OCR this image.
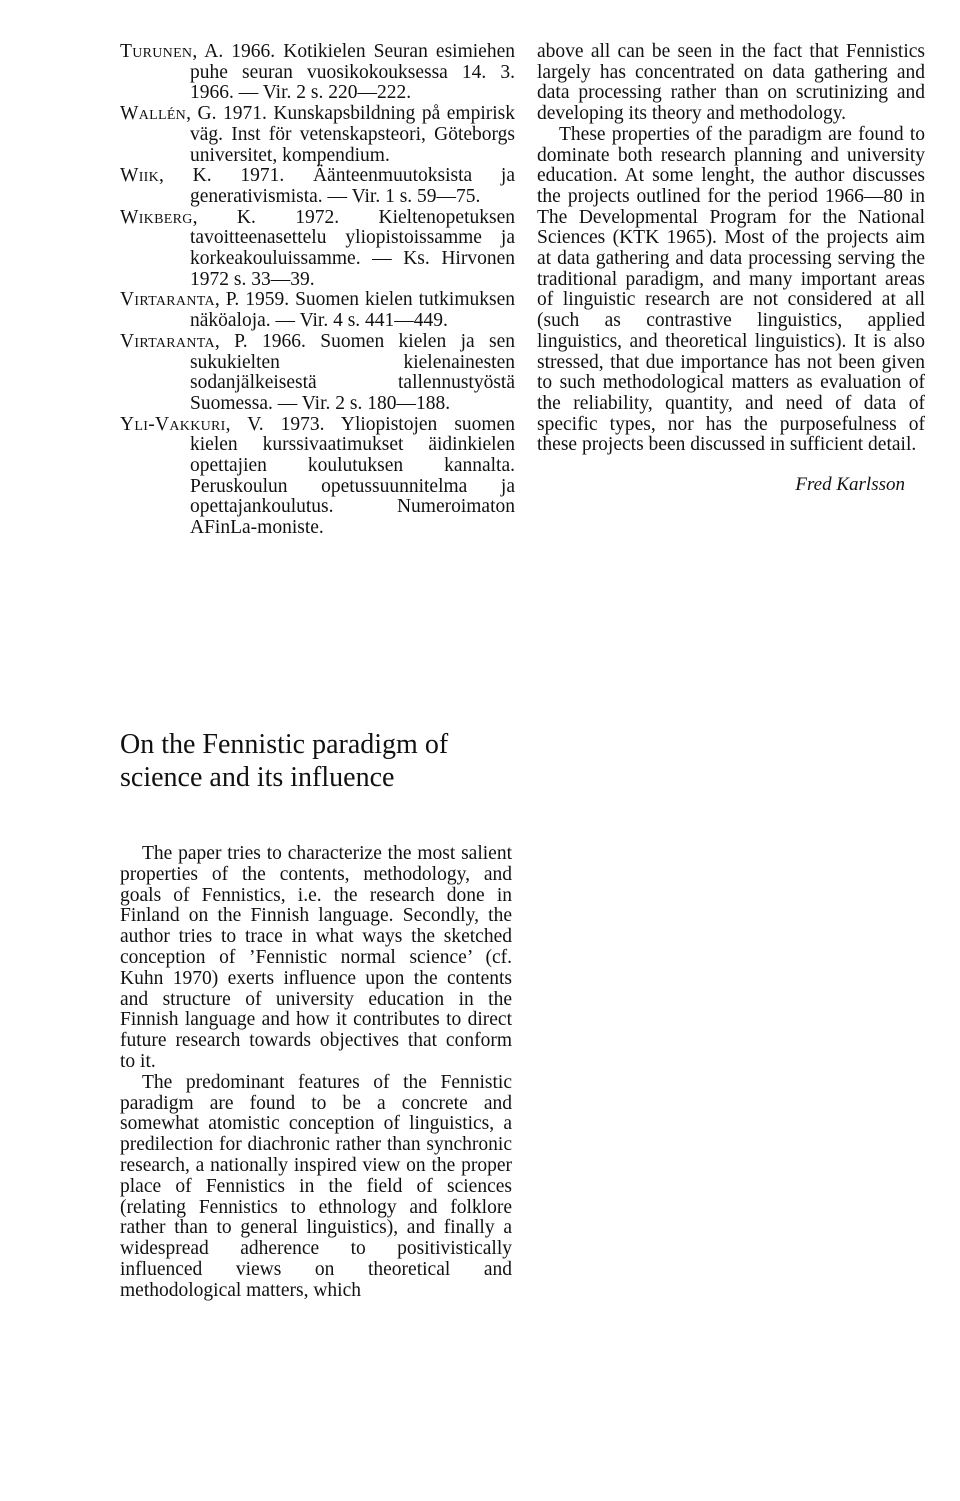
Turunen, A. 1966. Kotikielen Seuran esimiehen puhe seuran vuosikokouksessa 14. 3. 1966. — Vir. 2 s. 220—222.

Wallén, G. 1971. Kunskapsbildning på empirisk väg. Inst för vetenskapsteori, Göteborgs universitet, kompendium.

Wiik, K. 1971. Äänteenmuutoksista ja generativismista. — Vir. 1 s. 59—75.

Wikberg, K. 1972. Kieltenopetuksen tavoitteenasettelu yliopistoissamme ja korkeakouluissamme. — Ks. Hirvonen 1972 s. 33—39.

Virtaranta, P. 1959. Suomen kielen tutkimuksen näköaloja. — Vir. 4 s. 441—449.

Virtaranta, P. 1966. Suomen kielen ja sen sukukielten kielenainesten sodanjälkeisestä tallennustyöstä Suomessa. — Vir. 2 s. 180—188.

Yli-Vakkuri, V. 1973. Yliopistojen suomen kielen kurssivaatimukset äidinkielen opettajien koulutuksen kannalta. Peruskoulun opetussuunnitelma ja opettajankoulutus. Numeroimaton AFinLa-moniste.

above all can be seen in the fact that Fennistics largely has concentrated on data gathering and data processing rather than on scrutinizing and developing its theory and methodology.

These properties of the paradigm are found to dominate both research planning and university education. At some lenght, the author discusses the projects outlined for the period 1966—80 in The Developmental Program for the National Sciences (KTK 1965). Most of the projects aim at data gathering and data processing serving the traditional paradigm, and many important areas of linguistic research are not considered at all (such as contrastive linguistics, applied linguistics, and theoretical linguistics). It is also stressed, that due importance has not been given to such methodological matters as evaluation of the reliability, quantity, and need of data of specific types, nor has the purposefulness of these projects been discussed in sufficient detail.

Fred Karlsson

On the Fennistic paradigm of science and its influence

The paper tries to characterize the most salient properties of the contents, methodology, and goals of Fennistics, i.e. the research done in Finland on the Finnish language. Secondly, the author tries to trace in what ways the sketched conception of ’Fennistic normal science’ (cf. Kuhn 1970) exerts influence upon the contents and structure of university education in the Finnish language and how it contributes to direct future research towards objectives that conform to it.

The predominant features of the Fennistic paradigm are found to be a concrete and somewhat atomistic conception of linguistics, a predilection for diachronic rather than synchronic research, a nationally inspired view on the proper place of Fennistics in the field of sciences (relating Fennistics to ethnology and folklore rather than to general linguistics), and finally a widespread adherence to positivistically influenced views on theoretical and methodological matters, which
